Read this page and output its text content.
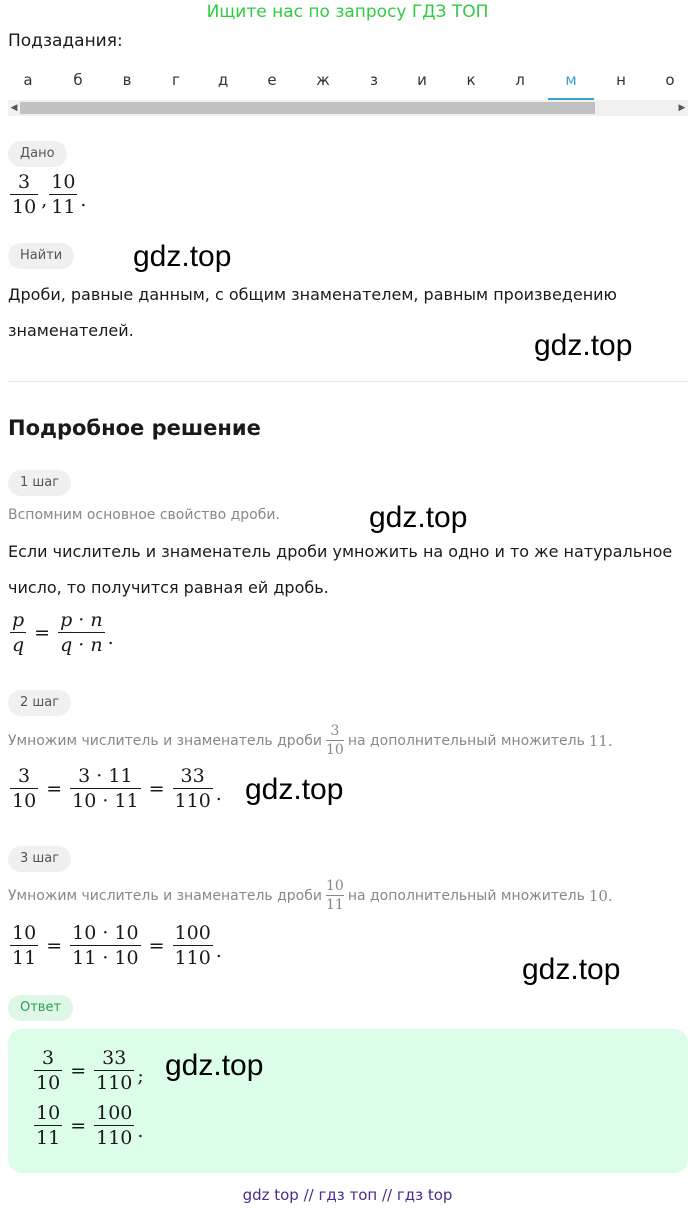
Ищите нас по запросу ГДЗ ТОП
Подзадания:
а	б	в	г	д	е	ж	з	и	к	л	м	н	о
◀	▶
Дано
$\frac{3}{10}$ , $\frac{10}{11}$ .
Найти	gdz.top
Дроби, равные данным, с общим знаменателем, равным произведению
знаменателей.	gdz.top
Подробное решение
1 шаг
Вспомним основное свойство дроби.	gdz.top
Если числитель и знаменатель дроби умножить на одно и то же натуральное
число, то получится равная ей дробь.
$\frac{p}{q} = \frac{p \cdot n}{q \cdot n}$ .
2 шаг
Умножим числитель и знаменатель дроби $\frac{3}{10}$ на дополнительный множитель 11.
$\frac{3}{10} = \frac{3 \cdot 11}{10 \cdot 11} = \frac{33}{110}$ . gdz.top
3 шаг
Умножим числитель и знаменатель дроби $\frac{10}{11}$ на дополнительный множитель 10.
$\frac{10}{11} = \frac{10 \cdot 10}{11 \cdot 10} = \frac{100}{110}$ .
gdz.top
Ответ
$\frac{3}{10} = \frac{33}{110}$ ;
$\frac{10}{11} = \frac{100}{110}$ .
gdz.top
gdz top // гдз топ // гдз top
